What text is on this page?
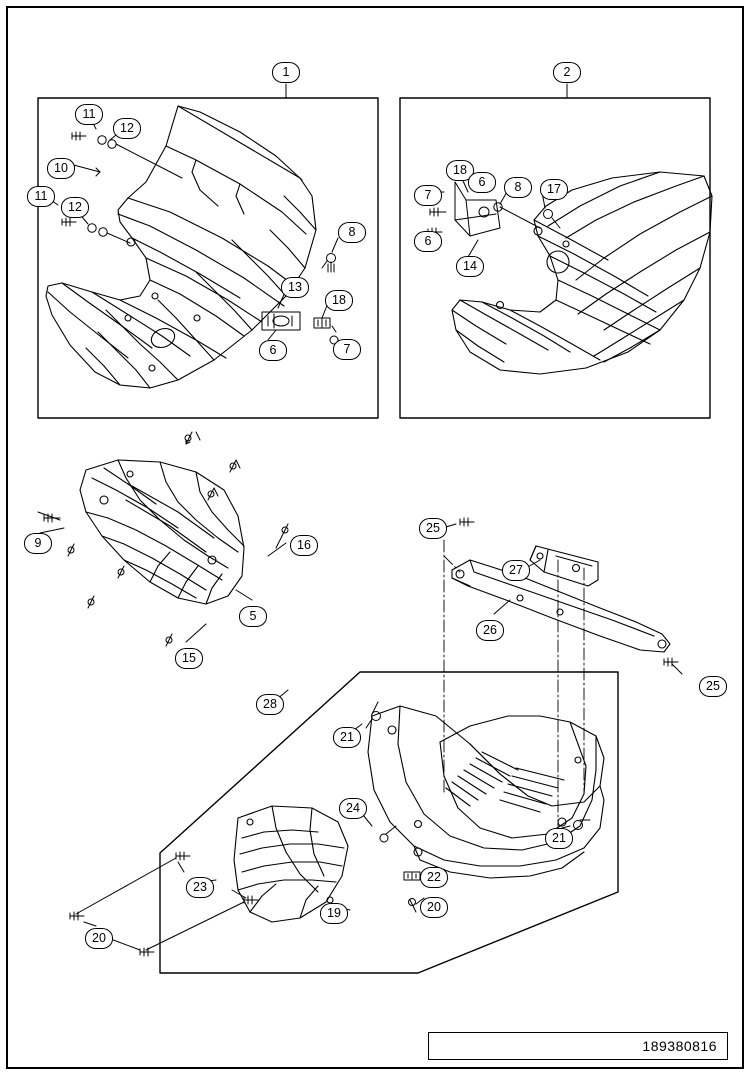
1	2
11
12
10
11
12
8
13
18
6	7
18
7
6	8	17
6
14
9	16
5
15
25
27
26
25
28
21
24
21
22
20
23
19
20
189380816
